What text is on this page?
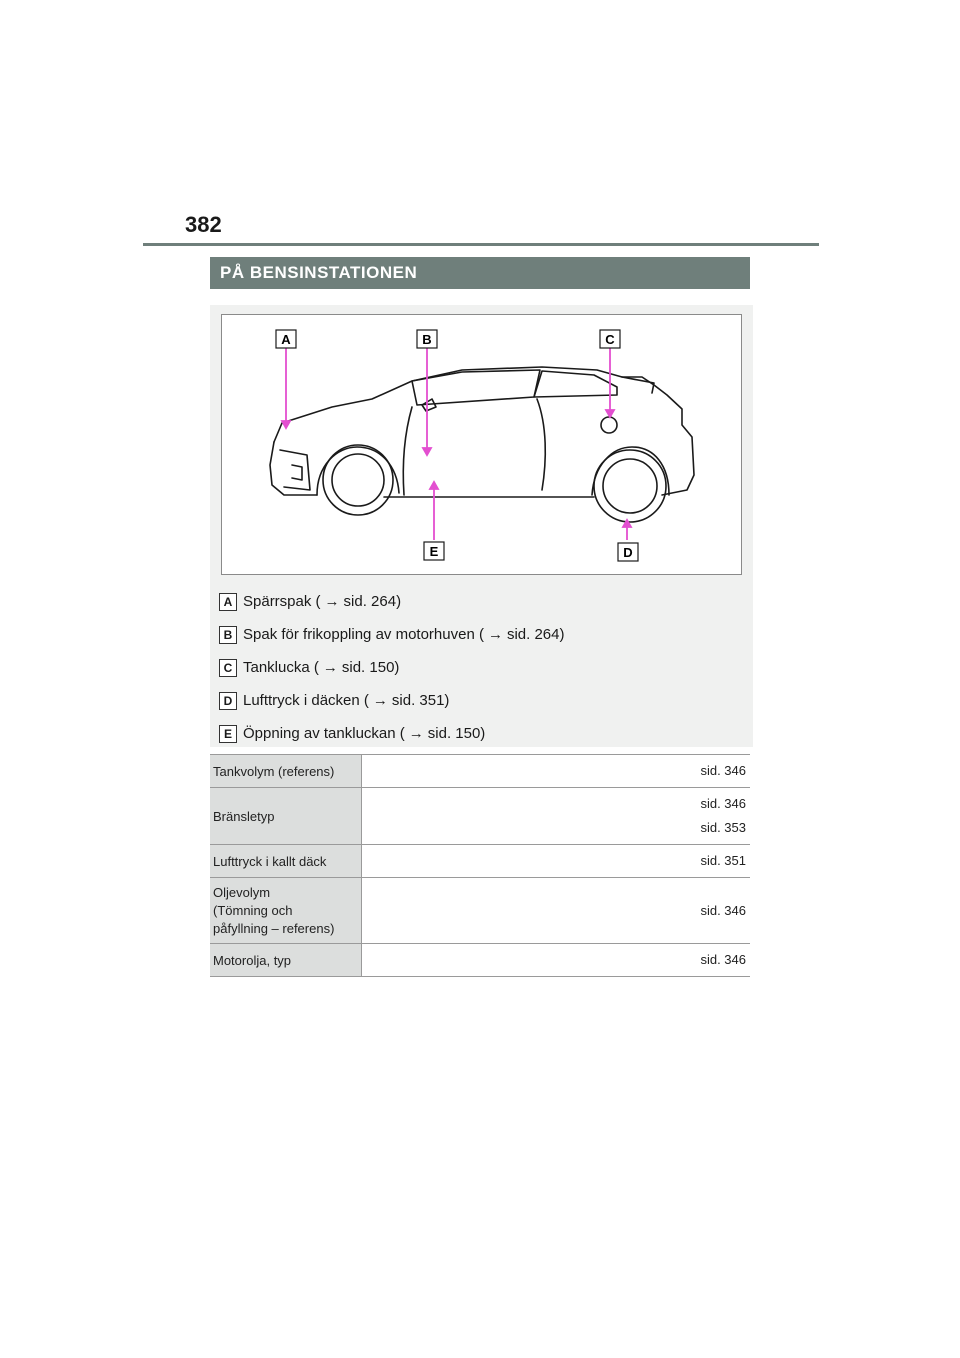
382
PÅ BENSINSTATIONEN
A	B	C
D
E
A Spärrspak ( → sid. 264)
B Spak för frikoppling av motorhuven ( → sid. 264)
C Tanklucka ( → sid. 150)
D Lufttryck i däcken ( → sid. 351)
E Öppning av tankluckan ( → sid. 150)
Tankvolym (referens)	sid. 346

Bränsletyp	sid. 346
sid. 353

Lufttryck i kallt däck	sid. 351

Oljevolym
(Tömning och
påfyllning – referens)	sid. 346

Motorolja, typ	sid. 346
